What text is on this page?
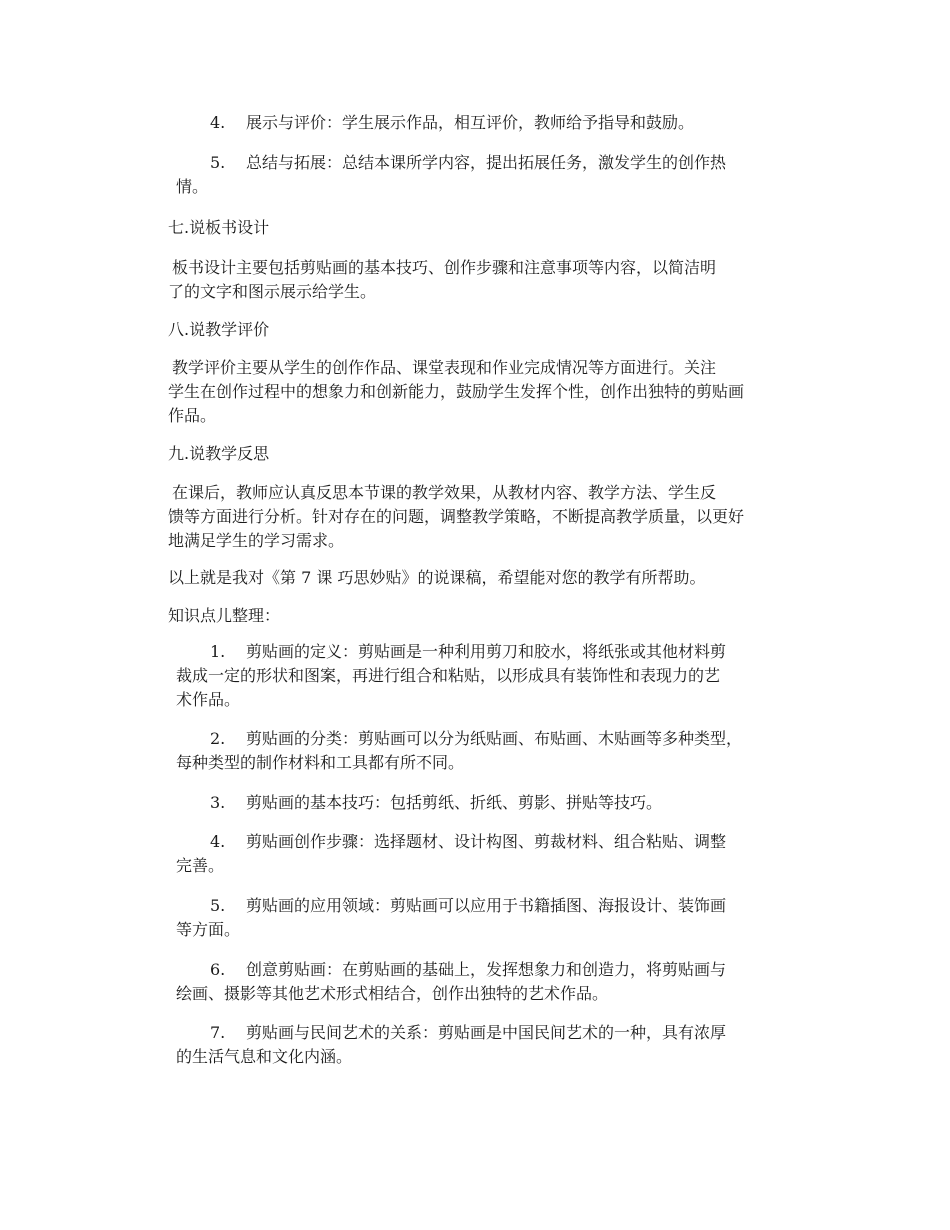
4. 展示与评价：学生展示作品，相互评价，教师给予指导和鼓励。
5. 总结与拓展：总结本课所学内容，提出拓展任务，激发学生的创作热
情。
七.说板书设计
板书设计主要包括剪贴画的基本技巧、创作步骤和注意事项等内容，以简洁明
了的文字和图示展示给学生。
八.说教学评价
教学评价主要从学生的创作作品、课堂表现和作业完成情况等方面进行。关注
学生在创作过程中的想象力和创新能力，鼓励学生发挥个性，创作出独特的剪贴画
作品。
九.说教学反思
在课后，教师应认真反思本节课的教学效果，从教材内容、教学方法、学生反
馈等方面进行分析。针对存在的问题，调整教学策略，不断提高教学质量，以更好
地满足学生的学习需求。
以上就是我对《第 7 课 巧思妙贴》的说课稿，希望能对您的教学有所帮助。
知识点儿整理：
1. 剪贴画的定义：剪贴画是一种利用剪刀和胶水，将纸张或其他材料剪
裁成一定的形状和图案，再进行组合和粘贴，以形成具有装饰性和表现力的艺
术作品。
2. 剪贴画的分类：剪贴画可以分为纸贴画、布贴画、木贴画等多种类型，
每种类型的制作材料和工具都有所不同。
3. 剪贴画的基本技巧：包括剪纸、折纸、剪影、拼贴等技巧。
4. 剪贴画创作步骤：选择题材、设计构图、剪裁材料、组合粘贴、调整
完善。
5. 剪贴画的应用领域：剪贴画可以应用于书籍插图、海报设计、装饰画
等方面。
6. 创意剪贴画：在剪贴画的基础上，发挥想象力和创造力，将剪贴画与
绘画、摄影等其他艺术形式相结合，创作出独特的艺术作品。
7. 剪贴画与民间艺术的关系：剪贴画是中国民间艺术的一种，具有浓厚
的生活气息和文化内涵。
